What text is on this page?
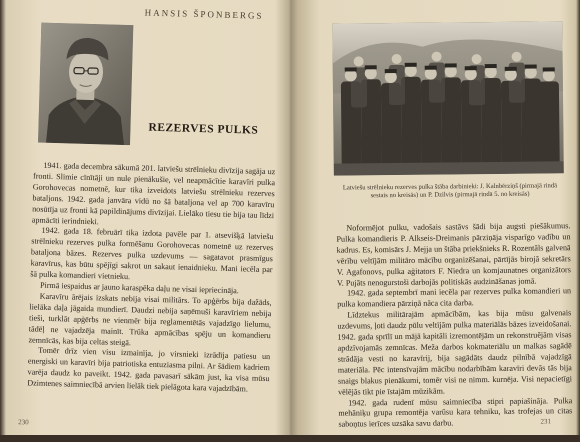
HANSIS ŠPONBERGS
REZERVES PULKS

1941. gada decembra sākumā 201. latviešu strēlnieku divīzija sagāja uz fronti. Slimie cīnītāji un nule pienākušie, vel neapmācītie karavīri pulka Gorohovecas nometnē, kur tika izveidots latviešu strēlnieku rezerves bataljons. 1942. gada janvāra vidū no šā bataljona vel ap 700 karavīru nosūtīja uz fronti kā papildinājums divīzijai. Lielāko tiesu tie bija tau līdzi apmācīti ierindnieki.

1942. gada 18. februārī tika izdota pavēle par 1. atsevišķā latviešu strēlnieku rezerves pulka formēšanu Gorohovecas nometnē uz rezerves bataljona bāzes. Rezerves pulka uzdevums — sagatavot prasmīgus karavīrus, kas būtu spējīgi sakrot un sakaut ienaidnieku. Mani iecēla par šā pulka komandieri vietnieku.

Pirmā iespaidus ar jauno karaspēka daļu ne visai iepriecināja.

Karavīru ārējais izskats nebija visai militārs. To apģērbs bija dažāds, lielāka daļa jāgaida mundierī. Daudzi nebija saņēmuši karavīriem nebija tieši, turklāt apģērbs ne vienmēr bija reglamentētās vajadzīgo lielumu, tādēļ ne vajadzēja mainīt. Trūka apmācības spēju un komandieru zemnīcās, kas bija celtas steigā.

Tomēr drīz vien visu izmainīja, jo virsnieki izrādīja patiesu un energiski un karavīri bija patriotiska entuziasma pilni. Ar šādiem kadriem varēja daudz ko paveikt. 1942. gada pavasarī sākām just, ka visa mūsu Dzimtenes saimniecībā arvien lielāk tiek pielāgota kara vajadzībām.

230
Latviešu strēlnieku rezerves pulka štāba darbinieki: J. Kalnbērziņš (pirmajā rindā sestais no kreisās) un P. Dzilvis (pirmajā rindā 5. no kreisās)

Noformējot pulku, vadošais sastāvs šādi bija augsti piešākumus. Pulka komandieris P. Alkseis-Dreimanis pārziņāja visparīgo vadību un kadrus. Es, komisārs J. Mejja un štāba priekšnieks R. Rozentāls galvenā vērību veltījām militāro mācību organizēšanai, pārtījās birojā sekretārs V. Agafonovs, pulka aģitators F. Niedra un komjaunatnes organizātors V. Pujāts nenogurstoši darbojās politiskās audzināšanas jomā.

1942. gada septembrī mani iecēla par rezerves pulka komandieri un pulka komandiera pārziņā nāca cita darba.

Līdztekus militārajām apmācībām, kas bija mūsu galvenais uzdevums, ļoti daudz pūlu veltījām pulka materiālās bāzes izveidošanai. 1942. gada sprīlī un mājā kapitāli izremontējām un rekonstruējām visas apdzīvojamās zemnīcas. Meža darbos kokmateriālu un malkas sagādē strādāja vesti no karavīrij, bija sagādāts daudz pilnībā vajadzīgā materiāla. Pēc intensīvajām mācību nodarbībām karavīri devās tās bija snaigs blakus pienākumi, tomēr visi ne nimm. kurnēja. Visi nepacietīgi vēlējās tikt pie īstajām mūzikām.

1942. gada rudenī mūsu saimniecība stipri papiašināja. Pulka mehāniķu grupa remontēja varūsu kara tehniku, kas trofejas un citas saboņtus ierīces uzsāka savu darbu.	231
